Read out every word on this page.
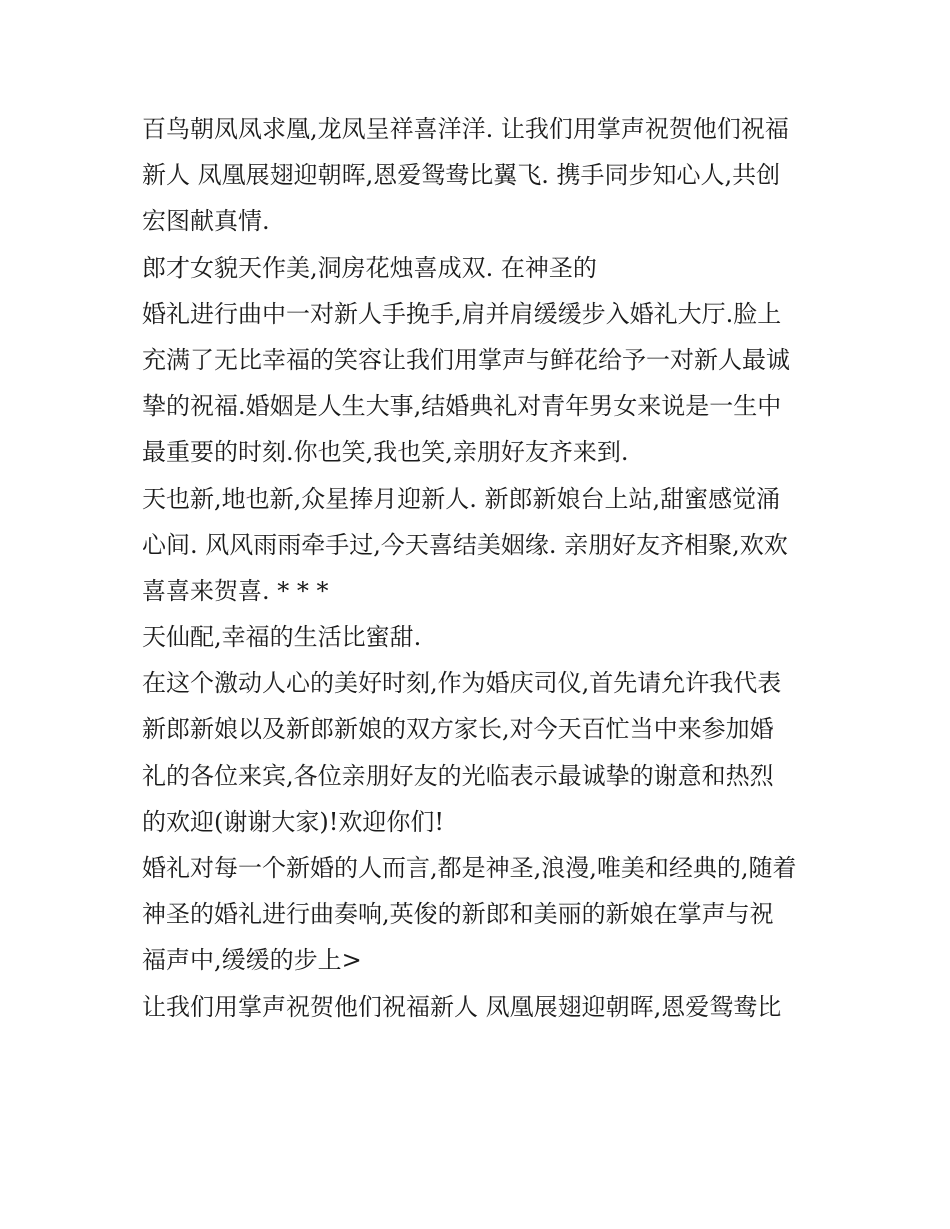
百鸟朝凤凤求凰,龙凤呈祥喜洋洋. 让我们用掌声祝贺他们祝福
新人 凤凰展翅迎朝晖,恩爱鸳鸯比翼飞. 携手同步知心人,共创
宏图献真情.
郎才女貌天作美,洞房花烛喜成双. 在神圣的
婚礼进行曲中一对新人手挽手,肩并肩缓缓步入婚礼大厅.脸上
充满了无比幸福的笑容让我们用掌声与鲜花给予一对新人最诚
挚的祝福.婚姻是人生大事,结婚典礼对青年男女来说是一生中
最重要的时刻.你也笑,我也笑,亲朋好友齐来到.
天也新,地也新,众星捧月迎新人. 新郎新娘台上站,甜蜜感觉涌
心间. 风风雨雨牵手过,今天喜结美姻缘. 亲朋好友齐相聚,欢欢
喜喜来贺喜. * * *
天仙配,幸福的生活比蜜甜.
在这个激动人心的美好时刻,作为婚庆司仪,首先请允许我代表
新郎新娘以及新郎新娘的双方家长,对今天百忙当中来参加婚
礼的各位来宾,各位亲朋好友的光临表示最诚挚的谢意和热烈
的欢迎(谢谢大家)!欢迎你们!
婚礼对每一个新婚的人而言,都是神圣,浪漫,唯美和经典的,随着
神圣的婚礼进行曲奏响,英俊的新郎和美丽的新娘在掌声与祝
福声中,缓缓的步上>
让我们用掌声祝贺他们祝福新人 凤凰展翅迎朝晖,恩爱鸳鸯比
